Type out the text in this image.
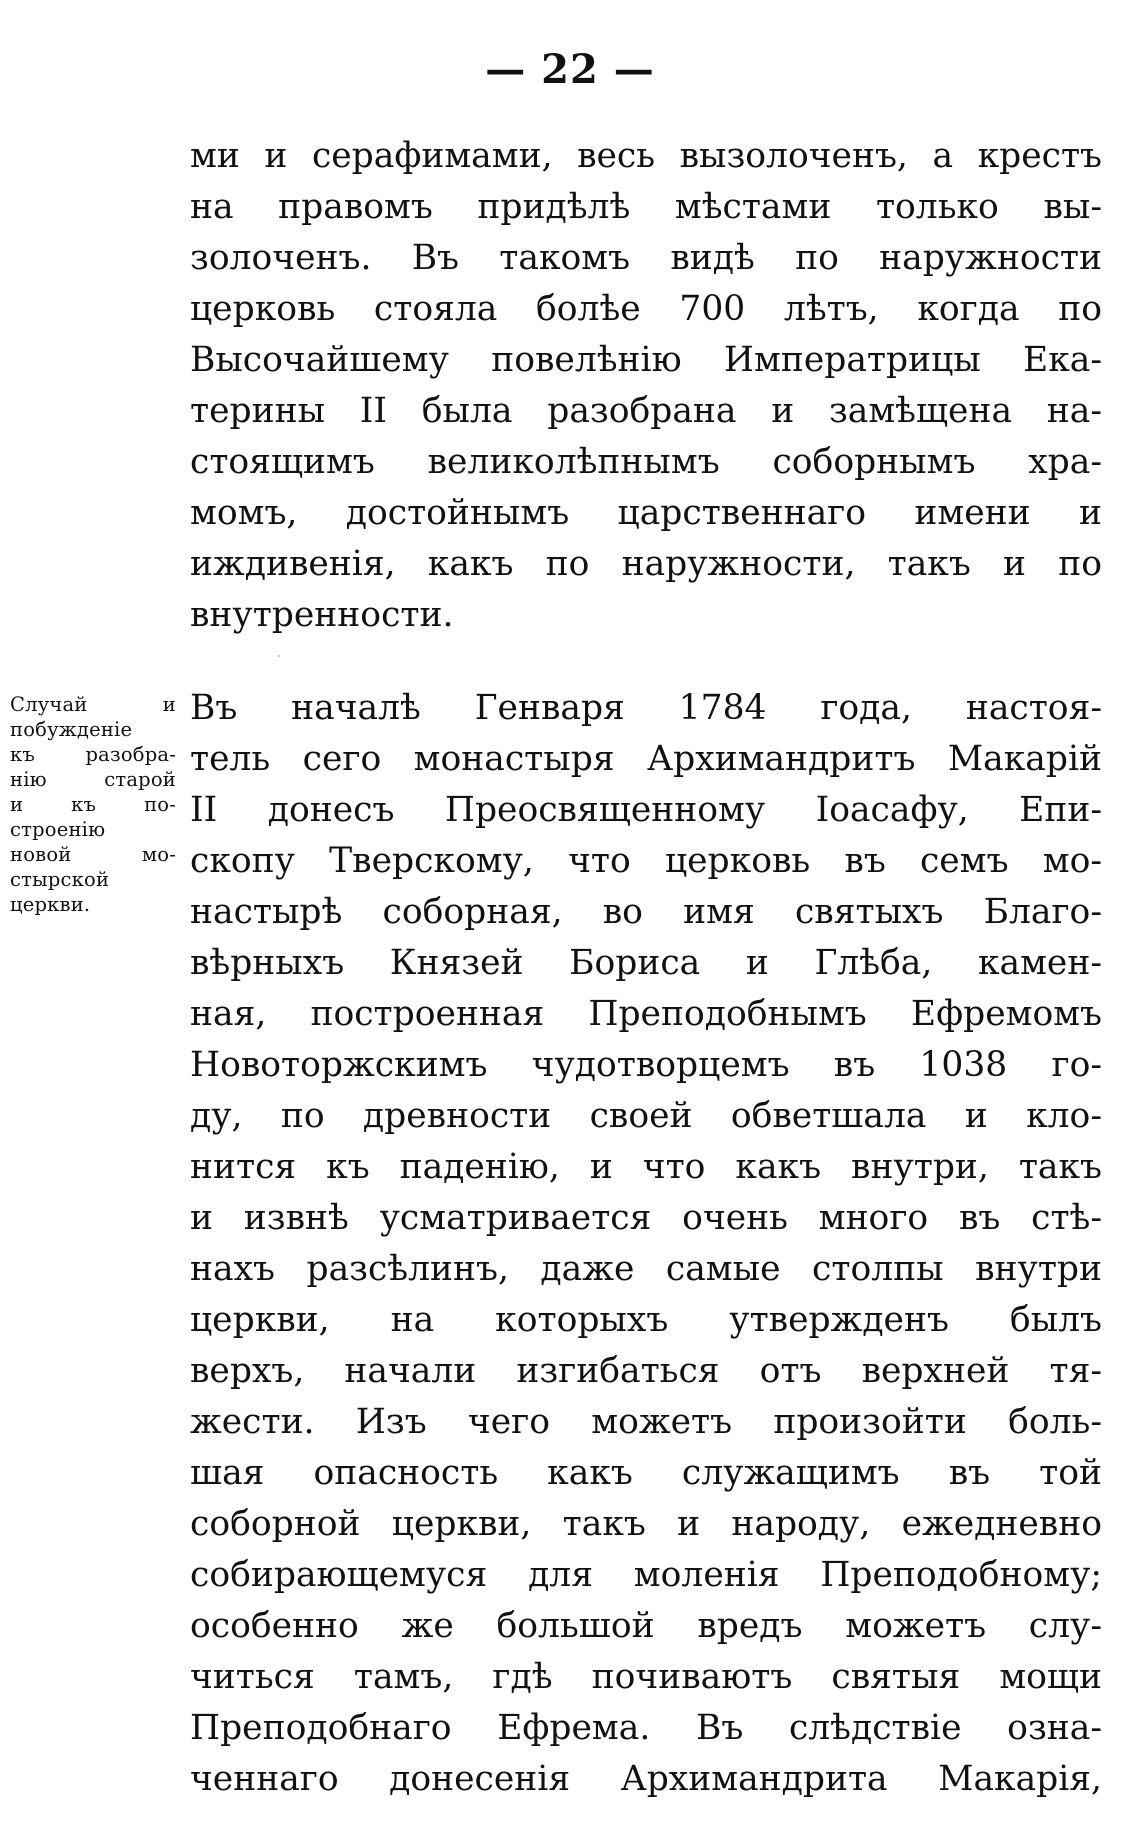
— 22 —
ми и серафимами, весь вызолоченъ, а крестъ
на правомъ придѣлѣ мѣстами только вы-
золоченъ. Въ такомъ видѣ по наружности
церковь стояла болѣе 700 лѣтъ, когда по
Высочайшему повелѣнію Императрицы Ека-
терины II была разобрана и замѣщена на-
стоящимъ великолѣпнымъ соборнымъ хра-
момъ, достойнымъ царственнаго имени и
иждивенія, какъ по наружности, такъ и по
внутренности.
Случай и
побужденіе
къ разобра-
нію старой
и къ по-
строенію
новой мо-
стырской
церкви.
Въ началѣ Генваря 1784 года, настоя-
тель сего монастыря Архимандритъ Макарій
II донесъ Преосвященному Іоасафу, Епи-
скопу Тверскому, что церковь въ семъ мо-
настырѣ соборная, во имя святыхъ Благо-
вѣрныхъ Князей Бориса и Глѣба, камен-
ная, построенная Преподобнымъ Ефремомъ
Новоторжскимъ чудотворцемъ въ 1038 го-
ду, по древности своей обветшала и кло-
нится къ паденію, и что какъ внутри, такъ
и извнѣ усматривается очень много въ стѣ-
нахъ разсѣлинъ, даже самые столпы внутри
церкви, на которыхъ утвержденъ былъ
верхъ, начали изгибаться отъ верхней тя-
жести. Изъ чего можетъ произойти боль-
шая опасность какъ служащимъ въ той
соборной церкви, такъ и народу, ежедневно
собирающемуся для моленія Преподобному;
особенно же большой вредъ можетъ слу-
читься тамъ, гдѣ почиваютъ святыя мощи
Преподобнаго Ефрема. Въ слѣдствіе озна-
ченнаго донесенія Архимандрита Макарія,
